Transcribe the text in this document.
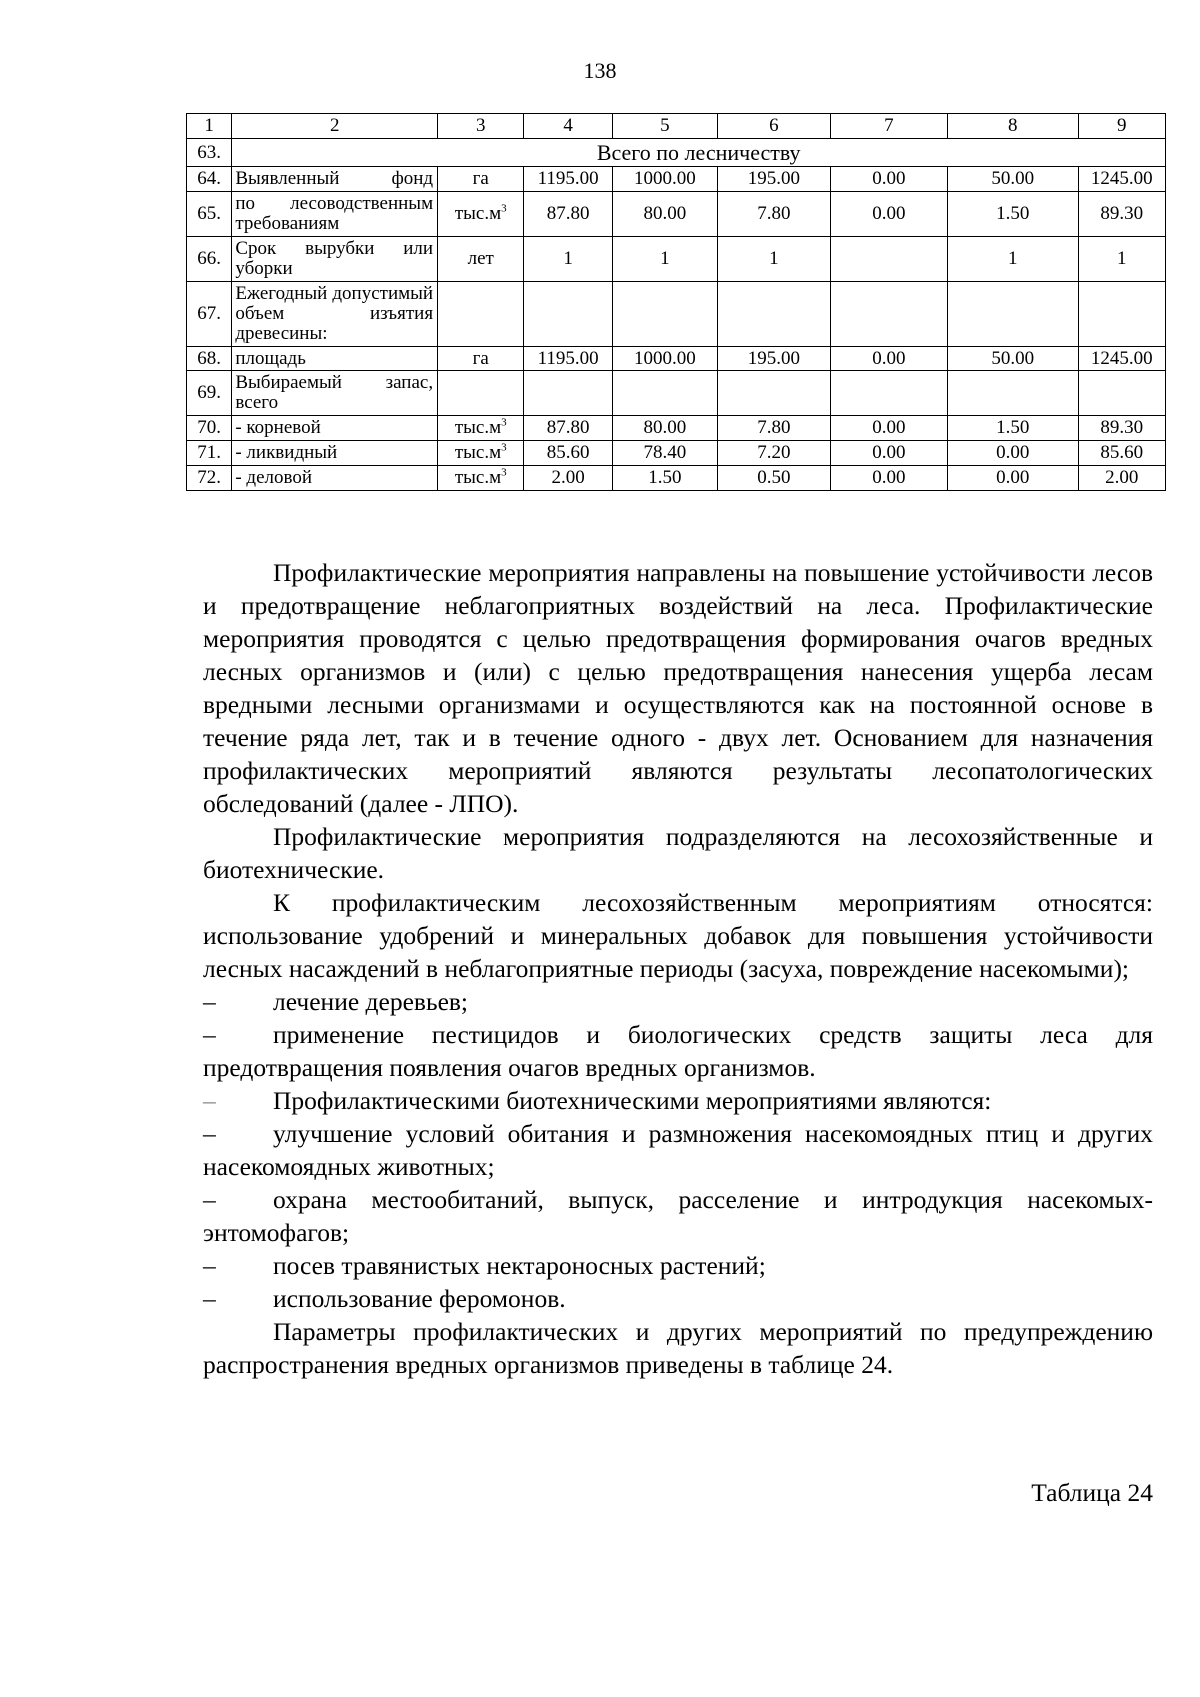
138
1	2	3	4	5	6	7	8	9
63.	Всего по лесничеству							
64.	Выявленный фонд	га	1195.00	1000.00	195.00	0.00	50.00	1245.00
65.	по лесоводственным требованиям	$тыс.м^3$	87.80	80.00	7.80	0.00	1.50	89.30
66.	Срок вырубки или уборки	лет	1	1	1		1	1
67.	Ежегодный допустимый объем изъятия древесины:							
68.	площадь	га	1195.00	1000.00	195.00	0.00	50.00	1245.00
69.	Выбираемый запас, всего							
70.	- корневой	$тыс.м^3$	87.80	80.00	7.80	0.00	1.50	89.30
71.	- ликвидный	$тыс.м^3$	85.60	78.40	7.20	0.00	0.00	85.60
72.	- деловой	$тыс.м^3$	2.00	1.50	0.50	0.00	0.00	2.00

Профилактические мероприятия направлены на повышение устойчивости лесов и предотвращение неблагоприятных воздействий на леса. Профилактические мероприятия проводятся с целью предотвращения формирования очагов вредных лесных организмов и (или) с целью предотвращения нанесения ущерба лесам вредными лесными организмами и осуществляются как на постоянной основе в течение ряда лет, так и в течение одного - двух лет. Основанием для назначения профилактических мероприятий являются результаты лесопатологических обследований (далее - ЛПО).

Профилактические мероприятия подразделяются на лесохозяйственные и биотехнические.

К профилактическим лесохозяйственным мероприятиям относятся: использование удобрений и минеральных добавок для повышения устойчивости лесных насаждений в неблагоприятные периоды (засуха, повреждение насекомыми);

– лечение деревьев;

– применение пестицидов и биологических средств защиты леса для предотвращения появления очагов вредных организмов.

– Профилактическими биотехническими мероприятиями являются:

– улучшение условий обитания и размножения насекомоядных птиц и других насекомоядных животных;

– охрана местообитаний, выпуск, расселение и интродукция насекомых-энтомофагов;

– посев травянистых нектароносных растений;

– использование феромонов.

Параметры профилактических и других мероприятий по предупреждению распространения вредных организмов приведены в таблице 24.

Таблица 24
